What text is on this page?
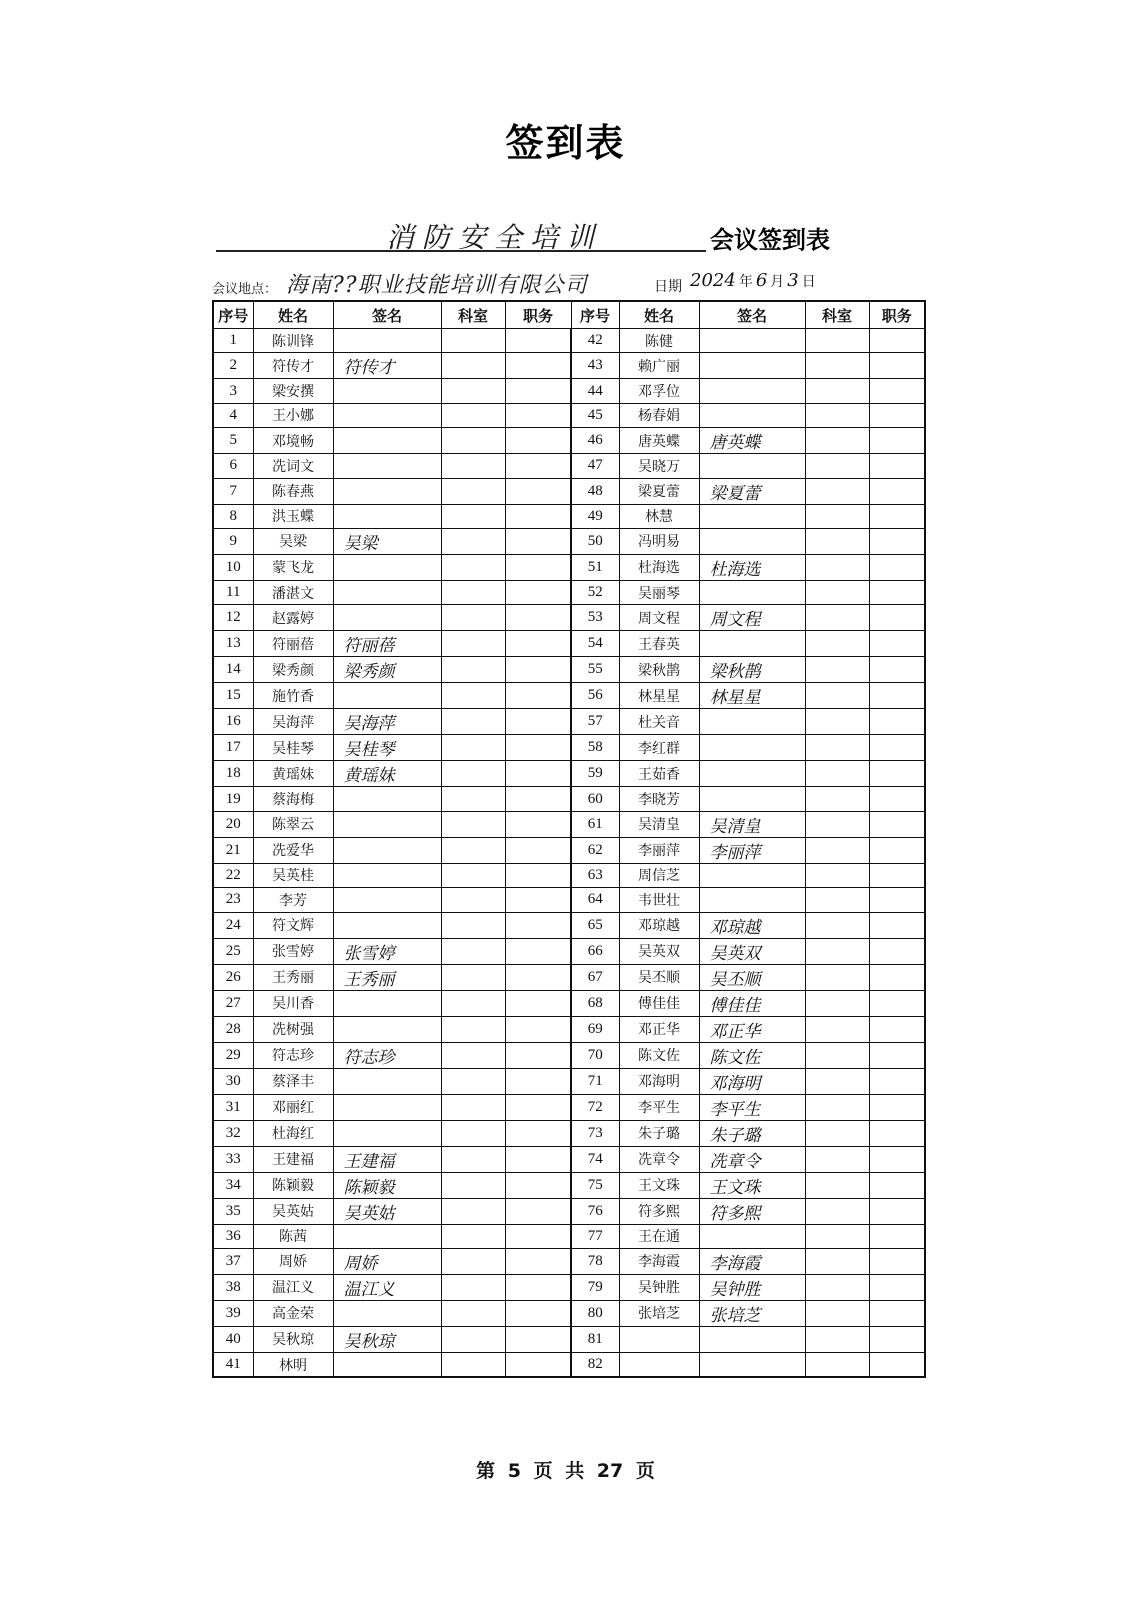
签到表
消防安全培训	会议签到表
会议地点： 海南??职业技能培训有限公司	日期 2024 年 6 月 3 日
序号	姓名	签名	科室	职务	序号	姓名	签名	科室	职务
1	陈训锋				42	陈健			
2	符传才	符传才			43	赖广丽			
3	梁安撰				44	邓孚位			
4	王小娜				45	杨春娟			
5	邓境畅				46	唐英蝶	唐英蝶		
6	冼词文				47	吴晓万			
7	陈春燕				48	梁夏蕾	梁夏蕾		
8	洪玉蝶				49	林慧			
9	吴梁	吴梁			50	冯明易			
10	蒙飞龙				51	杜海选	杜海选		
11	潘湛文				52	吴丽琴			
12	赵露婷				53	周文程	周文程		
13	符丽蓓	符丽蓓			54	王春英			
14	梁秀颜	梁秀颜			55	梁秋鹊	梁秋鹊		
15	施竹香				56	林星星	林星星		
16	吴海萍	吴海萍			57	杜关音			
17	吴桂琴	吴桂琴			58	李红群			
18	黄瑶妹	黄瑶妹			59	王茹香			
19	蔡海梅				60	李晓芳			
20	陈翠云				61	吴清皇	吴清皇		
21	冼爱华				62	李丽萍	李丽萍		
22	吴英桂				63	周信芝			
23	李芳				64	韦世壮			
24	符文辉				65	邓琼越	邓琼越		
25	张雪婷	张雪婷			66	吴英双	吴英双		
26	王秀丽	王秀丽			67	吴丕顺	吴丕顺		
27	吴川香				68	傅佳佳	傅佳佳		
28	冼树强				69	邓正华	邓正华		
29	符志珍	符志珍			70	陈文佐	陈文佐		
30	蔡泽丰				71	邓海明	邓海明		
31	邓丽红				72	李平生	李平生		
32	杜海红				73	朱子璐	朱子璐		
33	王建福	王建福			74	冼章令	冼章令		
34	陈颖毅	陈颖毅			75	王文珠	王文珠		
35	吴英姑	吴英姑			76	符多熙	符多熙		
36	陈茜				77	王在通			
37	周娇	周娇			78	李海霞	李海霞		
38	温江义	温江义			79	吴钟胜	吴钟胜		
39	高金荣				80	张培芝	张培芝		
40	吴秋琼	吴秋琼			81				
41	林明				82				
第 5 页 共 27 页
